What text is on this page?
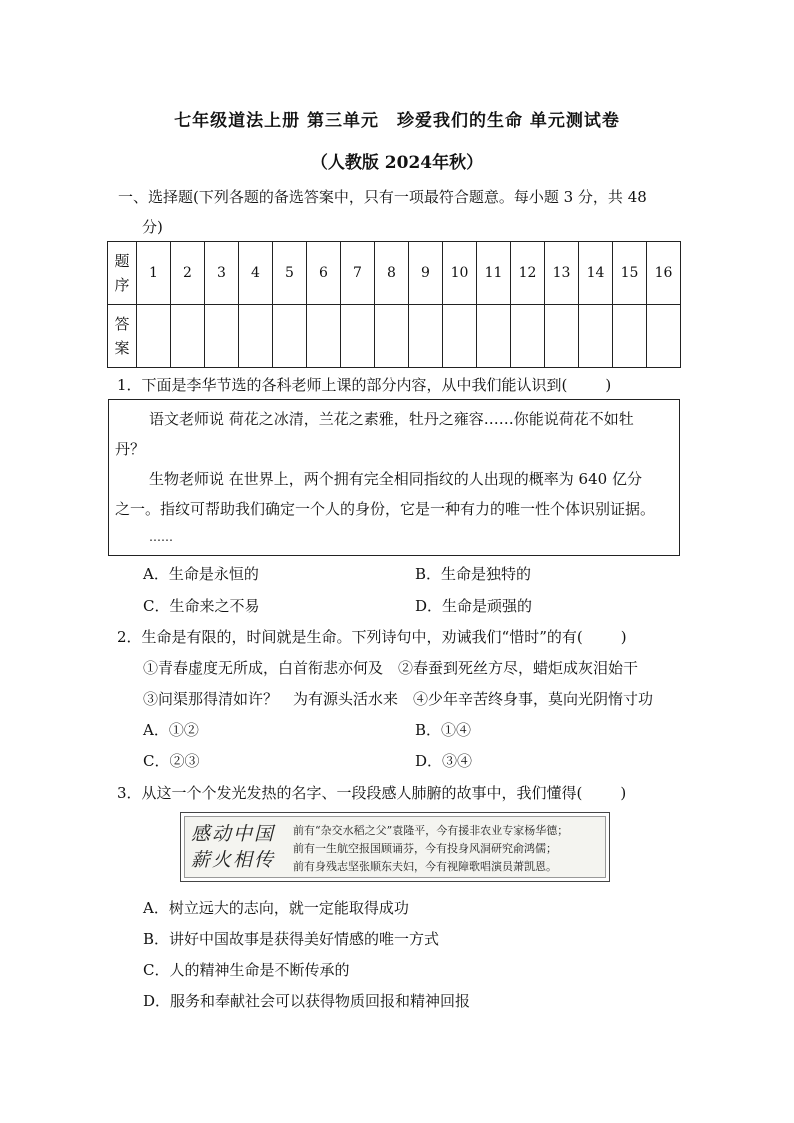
七年级道法上册 第三单元　珍爱我们的生命 单元测试卷
（人教版 2024年秋）
一、选择题(下列各题的备选答案中，只有一项最符合题意。每小题 3 分，共 48
分)
题
序	1	2	3	4	5	6	7	8	9	10	11	12	13	14	15	16
答
案																
1．下面是李华节选的各科老师上课的部分内容，从中我们能认识到(	)
语文老师说 荷花之冰清，兰花之素雅，牡丹之雍容……你能说荷花不如牡
丹？
生物老师说 在世界上，两个拥有完全相同指纹的人出现的概率为 640 亿分
之一。指纹可帮助我们确定一个人的身份，它是一种有力的唯一性个体识别证据。
……
A．生命是永恒的	B．生命是独特的
C．生命来之不易	D．生命是顽强的
2．生命是有限的，时间就是生命。下列诗句中，劝诫我们“惜时”的有(	)
①青春虚度无所成，白首衔悲亦何及　②春蚕到死丝方尽，蜡炬成灰泪始干
③问渠那得清如许？　为有源头活水来　④少年辛苦终身事，莫向光阴惰寸功
A．①②	B．①④
C．②③	D．③④
3．从这一个个发光发热的名字、一段段感人肺腑的故事中，我们懂得(	)
感动中国
薪火相传
前有“杂交水稻之父”袁隆平，今有援非农业专家杨华德；
前有一生航空报国顾诵芬，今有投身风洞研究俞鸿儒；
前有身残志坚张顺东夫妇，今有视障歌唱演员萧凯恩。
A．树立远大的志向，就一定能取得成功
B．讲好中国故事是获得美好情感的唯一方式
C．人的精神生命是不断传承的
D．服务和奉献社会可以获得物质回报和精神回报
